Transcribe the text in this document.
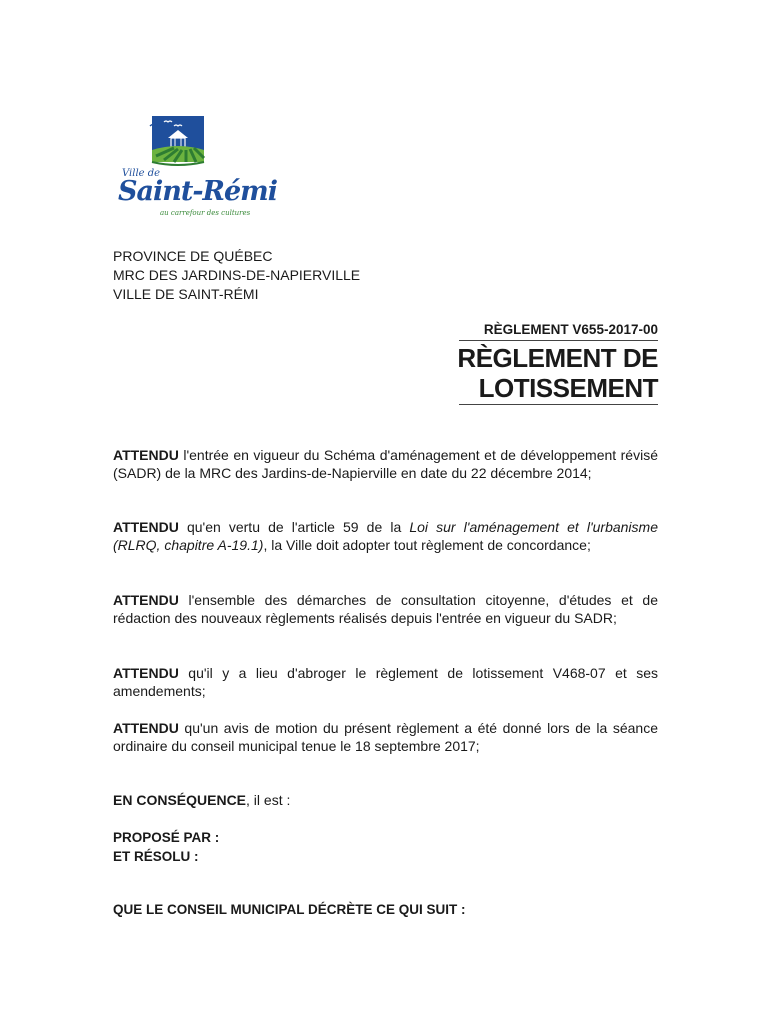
Ville de
Saint-Rémi
au carrefour des cultures
PROVINCE DE QUÉBEC
MRC DES JARDINS-DE-NAPIERVILLE
VILLE DE SAINT-RÉMI
RÈGLEMENT V655-2017-00
RÈGLEMENT DE
LOTISSEMENT
ATTENDU l'entrée en vigueur du Schéma d'aménagement et de développement révisé (SADR) de la MRC des Jardins-de-Napierville en date du 22 décembre 2014;
ATTENDU qu'en vertu de l'article 59 de la Loi sur l'aménagement et l'urbanisme (RLRQ, chapitre A-19.1), la Ville doit adopter tout règlement de concordance;
ATTENDU l'ensemble des démarches de consultation citoyenne, d'études et de rédaction des nouveaux règlements réalisés depuis l'entrée en vigueur du SADR;
ATTENDU qu'il y a lieu d'abroger le règlement de lotissement V468-07 et ses amendements;
ATTENDU qu'un avis de motion du présent règlement a été donné lors de la séance ordinaire du conseil municipal tenue le 18 septembre 2017;
EN CONSÉQUENCE, il est :
PROPOSÉ PAR :
ET RÉSOLU :
QUE LE CONSEIL MUNICIPAL DÉCRÈTE CE QUI SUIT :
